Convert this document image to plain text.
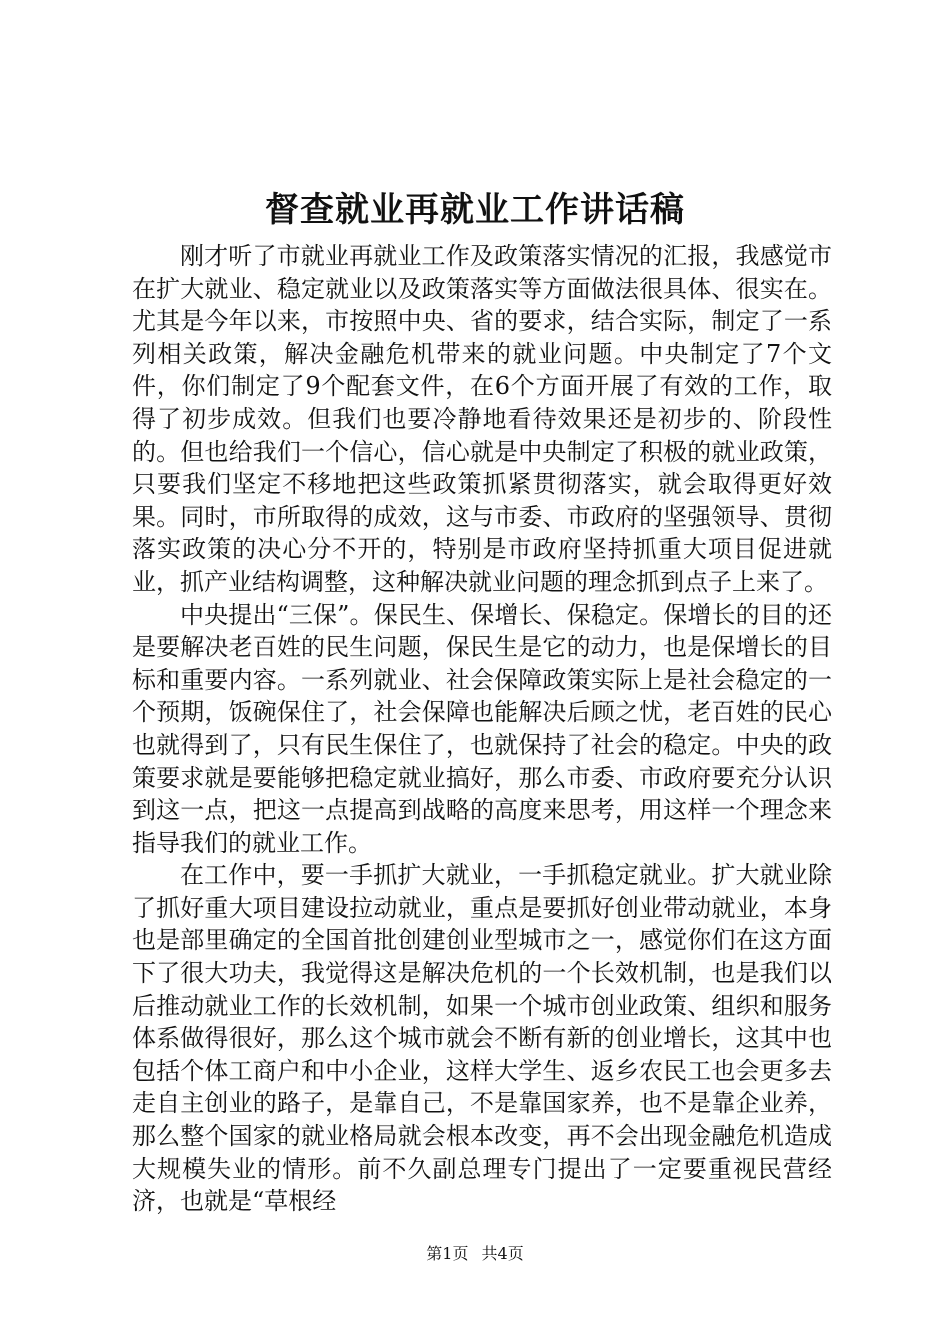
督查就业再就业工作讲话稿

刚才听了市就业再就业工作及政策落实情况的汇报，我感觉市在扩大就业、稳定就业以及政策落实等方面做法很具体、很实在。尤其是今年以来，市按照中央、省的要求，结合实际，制定了一系列相关政策，解决金融危机带来的就业问题。中央制定了7个文件，你们制定了9个配套文件，在6个方面开展了有效的工作，取得了初步成效。但我们也要冷静地看待效果还是初步的、阶段性的。但也给我们一个信心，信心就是中央制定了积极的就业政策，只要我们坚定不移地把这些政策抓紧贯彻落实，就会取得更好效果。同时，市所取得的成效，这与市委、市政府的坚强领导、贯彻落实政策的决心分不开的，特别是市政府坚持抓重大项目促进就业，抓产业结构调整，这种解决就业问题的理念抓到点子上来了。

中央提出“三保”。保民生、保增长、保稳定。保增长的目的还是要解决老百姓的民生问题，保民生是它的动力，也是保增长的目标和重要内容。一系列就业、社会保障政策实际上是社会稳定的一个预期，饭碗保住了，社会保障也能解决后顾之忧，老百姓的民心也就得到了，只有民生保住了，也就保持了社会的稳定。中央的政策要求就是要能够把稳定就业搞好，那么市委、市政府要充分认识到这一点，把这一点提高到战略的高度来思考，用这样一个理念来指导我们的就业工作。

在工作中，要一手抓扩大就业，一手抓稳定就业。扩大就业除了抓好重大项目建设拉动就业，重点是要抓好创业带动就业，本身也是部里确定的全国首批创建创业型城市之一，感觉你们在这方面下了很大功夫，我觉得这是解决危机的一个长效机制，也是我们以后推动就业工作的长效机制，如果一个城市创业政策、组织和服务体系做得很好，那么这个城市就会不断有新的创业增长，这其中也包括个体工商户和中小企业，这样大学生、返乡农民工也会更多去走自主创业的路子，是靠自己，不是靠国家养，也不是靠企业养，那么整个国家的就业格局就会根本改变，再不会出现金融危机造成大规模失业的情形。前不久副总理专门提出了一定要重视民营经济，也就是“草根经

第1页 共4页
